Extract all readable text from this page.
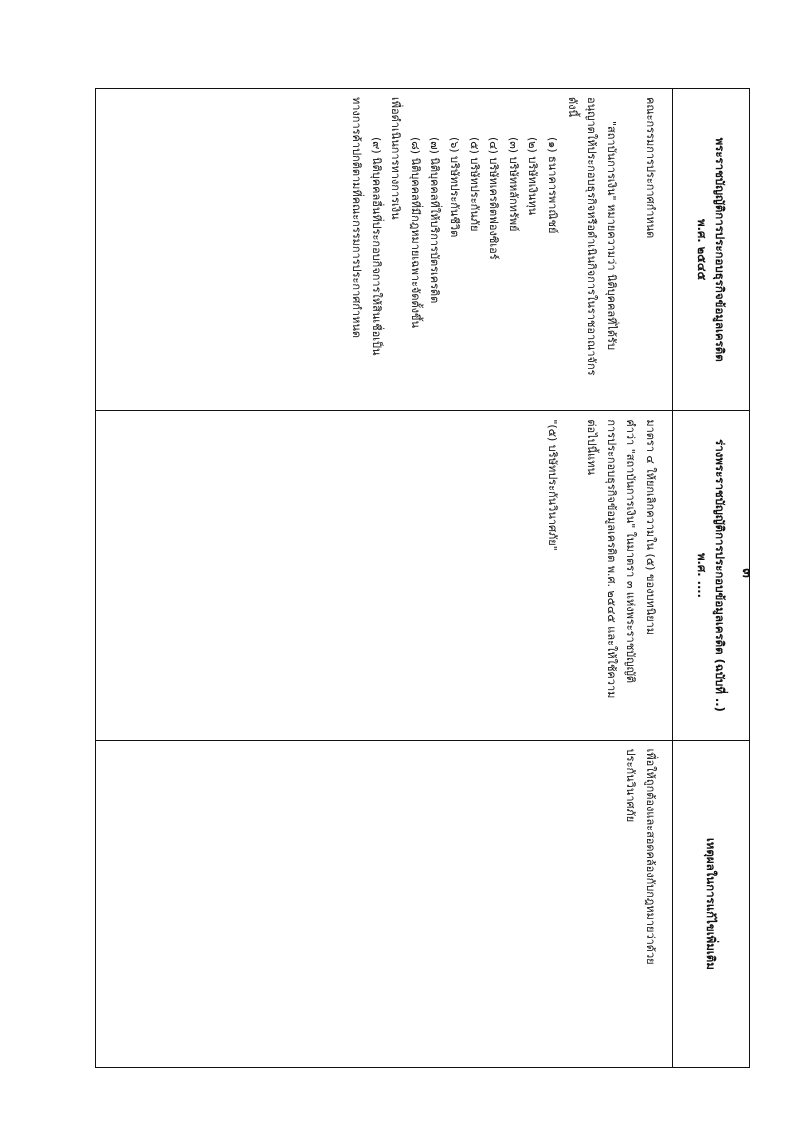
๓
พระราชบัญญัติการประกอบธุรกิจข้อมูลเครดิต
พ.ศ. ๒๕๔๕
ร่างพระราชบัญญัติการประกอบข้อมูลเครดิต (ฉบับที่ ..)
พ.ศ. ....
เหตุผลในการแก้ไขเพิ่มเติม
คณะกรรมการประกาศกำหนด
"สถาบันการเงิน" หมายความว่า นิติบุคคลที่ได้รับ
อนุญาตให้ประกอบธุรกิจหรือดำเนินกิจการในราชอาณาจักร
ดังนี้
(๑) ธนาคารพาณิชย์
(๒) บริษัทเงินทุน
(๓) บริษัทหลักทรัพย์
(๔) บริษัทเครดิตฟองซิเอร์
(๕) บริษัทประกันภัย
(๖) บริษัทประกันชีวิต
(๗) นิติบุคคลที่ให้บริการบัตรเครดิต
(๘) นิติบุคคลที่มีกฎหมายเฉพาะจัดตั้งขึ้น
เพื่อดำเนินการทางการเงิน
(๙) นิติบุคคลอื่นที่ประกอบกิจการให้สินเชื่อเป็น
ทางการค้าปกติตามที่คณะกรรมการประกาศกำหนด
มาตรา ๔ ให้ยกเลิกความใน (๕) ของบทนิยาม
คำว่า "สถาบันการเงิน" ในมาตรา ๓ แห่งพระราชบัญญัติ
การประกอบธุรกิจข้อมูลเครดิต พ.ศ. ๒๕๔๕ และให้ใช้ความ
ต่อไปนี้แทน
"(๕) บริษัทประกันวินาศภัย"
เพื่อให้ถูกต้องและสอดคล้องกับกฎหมายว่าด้วย
ประกันวินาศภัย
